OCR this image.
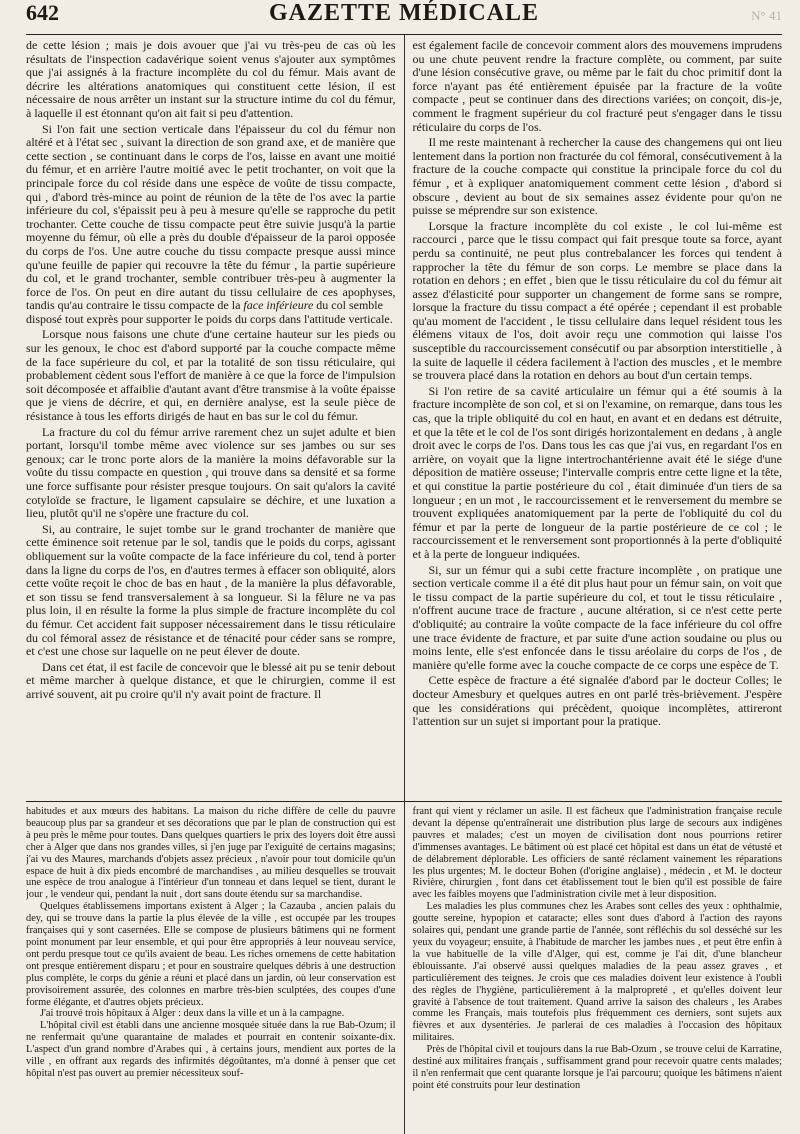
642	GAZETTE MÉDICALE	N° 41

de cette lésion ; mais je dois avouer que j'ai vu très-peu de cas où les résultats de l'inspection cadavérique soient venus s'ajouter aux symptômes que j'ai assignés à la fracture incomplète du col du fémur. Mais avant de décrire les altérations anatomiques qui constituent cette lésion, il est nécessaire de nous arrêter un instant sur la structure intime du col du fémur, à laquelle il est étonnant qu'on ait fait si peu d'attention.

Si l'on fait une section verticale dans l'épaisseur du col du fémur non altéré et à l'état sec , suivant la direction de son grand axe, et de manière que cette section , se continuant dans le corps de l'os, laisse en avant une moitié du fémur, et en arrière l'autre moitié avec le petit trochanter, on voit que la principale force du col réside dans une espèce de voûte de tissu compacte, qui , d'abord très-mince au point de réunion de la tête de l'os avec la partie inférieure du col, s'épaissit peu à peu à mesure qu'elle se rapproche du petit trochanter. Cette couche de tissu compacte peut être suivie jusqu'à la partie moyenne du fémur, où elle a près du double d'épaisseur de la paroi opposée du corps de l'os. Une autre couche du tissu compacte presque aussi mince qu'une feuille de papier qui recouvre la tête du fémur , la partie supérieure du col, et le grand trochanter, semble contribuer très-peu à augmenter la force de l'os. On peut en dire autant du tissu cellulaire de ces apophyses, tandis qu'au contraire le tissu compacte de la face inférieure du col semble

disposé tout exprès pour supporter le poids du corps dans l'attitude verticale.

Lorsque nous faisons une chute d'une certaine hauteur sur les pieds ou sur les genoux, le choc est d'abord supporté par la couche compacte même de la face supérieure du col, et par la totalité de son tissu réticulaire, qui probablement cèdent sous l'effort de manière à ce que la force de l'impulsion soit décomposée et affaiblie d'autant avant d'être transmise à la voûte épaisse que je viens de décrire, et qui, en dernière analyse, est la seule pièce de résistance à tous les efforts dirigés de haut en bas sur le col du fémur.

La fracture du col du fémur arrive rarement chez un sujet adulte et bien portant, lorsqu'il tombe même avec violence sur ses jambes ou sur ses genoux; car le tronc porte alors de la manière la moins défavorable sur la voûte du tissu compacte en question , qui trouve dans sa densité et sa forme une force suffisante pour résister presque toujours. On sait qu'alors la cavité cotyloïde se fracture, le ligament capsulaire se déchire, et une luxation a lieu, plutôt qu'il ne s'opère une fracture du col.

Si, au contraire, le sujet tombe sur le grand trochanter de manière que cette éminence soit retenue par le sol, tandis que le poids du corps, agissant obliquement sur la voûte compacte de la face inférieure du col, tend à porter dans la ligne du corps de l'os, en d'autres termes à effacer son obliquité, alors cette voûte reçoit le choc de bas en haut , de la manière la plus défavorable, et son tissu se fend transversalement à sa longueur. Si la fêlure ne va pas plus loin, il en résulte la forme la plus simple de fracture incomplète du col du fémur. Cet accident fait supposer nécessairement dans le tissu réticulaire du col fémoral assez de résistance et de ténacité pour céder sans se rompre, et c'est une chose sur laquelle on ne peut élever de doute.

Dans cet état, il est facile de concevoir que le blessé ait pu se tenir debout et même marcher à quelque distance, et que le chirurgien, comme il est arrivé souvent, ait pu croire qu'il n'y avait point de fracture. Il

est également facile de concevoir comment alors des mouvemens imprudens ou une chute peuvent rendre la fracture complète, ou comment, par suite d'une lésion consécutive grave, ou même par le fait du choc primitif dont la force n'ayant pas été entièrement épuisée par la fracture de la voûte compacte , peut se continuer dans des directions variées; on conçoit, dis-je, comment le fragment supérieur du col fracturé peut s'engager dans le tissu réticulaire du corps de l'os.

Il me reste maintenant à rechercher la cause des changemens qui ont lieu lentement dans la portion non fracturée du col fémoral, consécutivement à la fracture de la couche compacte qui constitue la principale force du col du fémur , et à expliquer anatomiquement comment cette lésion , d'abord si obscure , devient au bout de six semaines assez évidente pour qu'on ne puisse se méprendre sur son existence.

Lorsque la fracture incomplète du col existe , le col lui-même est raccourci , parce que le tissu compact qui fait presque toute sa force, ayant perdu sa continuité, ne peut plus contrebalancer les forces qui tendent à rapprocher la tête du fémur de son corps. Le membre se place dans la rotation en dehors ; en effet , bien que le tissu réticulaire du col du fémur ait assez d'élasticité pour supporter un changement de forme sans se rompre, lorsque la fracture du tissu compact a été opérée ; cependant il est probable qu'au moment de l'accident , le tissu cellulaire dans lequel résident tous les élémens vitaux de l'os, doit avoir reçu une commotion qui laisse l'os susceptible du raccourcissement consécutif ou par absorption interstitielle , à la suite de laquelle il cédera facilement à l'action des muscles , et le membre se trouvera placé dans la rotation en dehors au bout d'un certain temps.

Si l'on retire de sa cavité articulaire un fémur qui a été soumis à la fracture incomplète de son col, et si on l'examine, on remarque, dans tous les cas, que la triple obliquité du col en haut, en avant et en dedans est détruite, et que la tête et le col de l'os sont dirigés horizontalement en dedans , à angle droit avec le corps de l'os. Dans tous les cas que j'ai vus, en regardant l'os en arrière, on voyait que la ligne intertrochantérienne avait été le siége d'une déposition de matière osseuse; l'intervalle compris entre cette ligne et la tête, et qui constitue la partie postérieure du col , était diminuée d'un tiers de sa longueur ; en un mot , le raccourcissement et le renversement du membre se trouvent expliquées anatomiquement par la perte de l'obliquité du col du fémur et par la perte de longueur de la partie postérieure de ce col ; le raccourcissement et le renversement sont proportionnés à la perte d'obliquité et à la perte de longueur indiquées.

Si, sur un fémur qui a subi cette fracture incomplète , on pratique une section verticale comme il a été dit plus haut pour un fémur sain, on voit que le tissu compact de la partie supérieure du col, et tout le tissu réticulaire , n'offrent aucune trace de fracture , aucune altération, si ce n'est cette perte d'obliquité; au contraire la voûte compacte de la face inférieure du col offre une trace évidente de fracture, et par suite d'une action soudaine ou plus ou moins lente, elle s'est enfoncée dans le tissu aréolaire du corps de l'os , de manière qu'elle forme avec la couche compacte de ce corps une espèce de T.

Cette espèce de fracture a été signalée d'abord par le docteur Colles; le docteur Amesbury et quelques autres en ont parlé très-brièvement. J'espère que les considérations qui précèdent, quoique incomplètes, attireront l'attention sur un sujet si important pour la pratique.

habitudes et aux mœurs des habitans. La maison du riche diffère de celle du pauvre beaucoup plus par sa grandeur et ses décorations que par le plan de construction qui est à peu près le même pour toutes. Dans quelques quartiers le prix des loyers doit être aussi cher à Alger que dans nos grandes villes, si j'en juge par l'exiguité de certains magasins; j'ai vu des Maures, marchands d'objets assez précieux , n'avoir pour tout domicile qu'un espace de huit à dix pieds encombré de marchandises , au milieu desquelles se trouvait une espèce de trou analogue à l'intérieur d'un tonneau et dans lequel se tient, durant le jour , le vendeur qui, pendant la nuit , dort sans doute étendu sur sa marchandise.

Quelques établissemens importans existent à Alger ; la Cazauba , ancien palais du dey, qui se trouve dans la partie la plus élevée de la ville , est occupée par les troupes françaises qui y sont casernées. Elle se compose de plusieurs bâtimens qui ne forment point monument par leur ensemble, et qui pour être appropriés à leur nouveau service, ont perdu presque tout ce qu'ils avaient de beau. Les riches ornemens de cette habitation ont presque entièrement disparu ; et pour en soustraire quelques débris à une destruction plus complète, le corps du génie a réuni et placé dans un jardin, où leur conservation est provisoirement assurée, des colonnes en marbre très-bien sculptées, des coupes d'une forme élégante, et d'autres objets précieux.

J'ai trouvé trois hôpitaux à Alger : deux dans la ville et un à la campagne.

L'hôpital civil est établi dans une ancienne mosquée située dans la rue Bab-Ozum; il ne renfermait qu'une quarantaine de malades et pourrait en contenir soixante-dix. L'aspect d'un grand nombre d'Arabes qui , à certains jours, mendient aux portes de la ville , en offrant aux regards des infirmités dégoûtantes, m'a donné à penser que cet hôpital n'est pas ouvert au premier nécessiteux souf-

frant qui vient y réclamer un asile. Il est fâcheux que l'administration française recule devant la dépense qu'entraînerait une distribution plus large de secours aux indigènes pauvres et malades; c'est un moyen de civilisation dont nous pourrions retirer d'immenses avantages. Le bâtiment où est placé cet hôpital est dans un état de vétusté et de délabrement déplorable. Les officiers de santé réclament vainement les réparations les plus urgentes; M. le docteur Bohen (d'origine anglaise) , médecin , et M. le docteur Rivière, chirurgien , font dans cet établissement tout le bien qu'il est possible de faire avec les faibles moyens que l'administration civile met à leur disposition.

Les maladies les plus communes chez les Arabes sont celles des yeux : ophthalmie, goutte sereine, hypopion et cataracte; elles sont dues d'abord à l'action des rayons solaires qui, pendant une grande partie de l'année, sont réfléchis du sol desséché sur les yeux du voyageur; ensuite, à l'habitude de marcher les jambes nues , et peut être enfin à la vue habituelle de la ville d'Alger, qui est, comme je l'ai dit, d'une blancheur éblouissante. J'ai observé aussi quelques maladies de la peau assez graves , et particulièrement des teignes. Je crois que ces maladies doivent leur existence à l'oubli des règles de l'hygiène, particulièrement à la malpropreté , et qu'elles doivent leur gravité à l'absence de tout traitement. Quand arrive la saison des chaleurs , les Arabes comme les Français, mais toutefois plus fréquemment ces derniers, sont sujets aux fièvres et aux dysentéries. Je parlerai de ces maladies à l'occasion des hôpitaux militaires.

Près de l'hôpital civil et toujours dans la rue Bab-Ozum , se trouve celui de Karratine, destiné aux militaires français , suffisamment grand pour recevoir quatre cents malades; il n'en renfermait que cent quarante lorsque je l'ai parcouru; quoique les bâtimens n'aient point été construits pour leur destination
